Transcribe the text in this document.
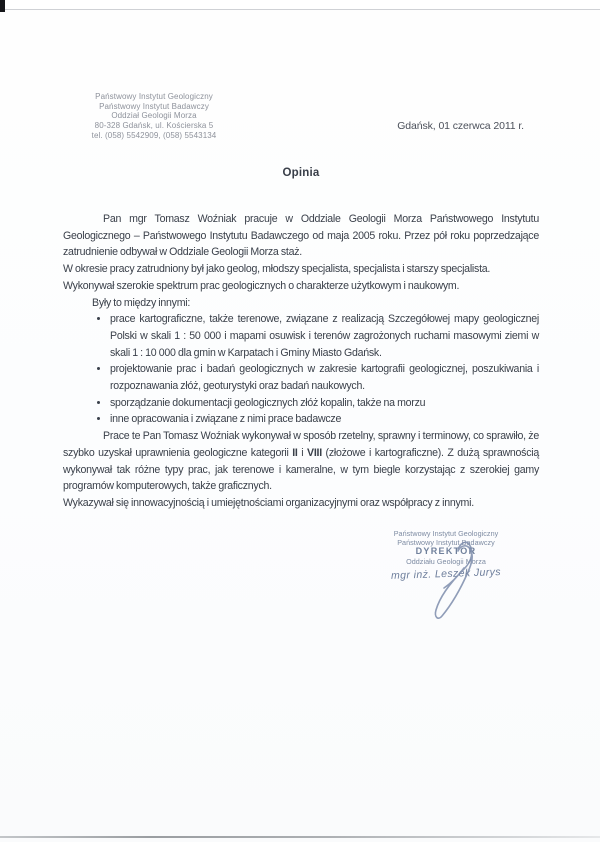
Państwowy Instytut Geologiczny
Państwowy Instytut Badawczy
Oddział Geologii Morza
80-328 Gdańsk, ul. Kościerska 5
tel. (058) 5542909, (058) 5543134
Gdańsk, 01 czerwca 2011 r.
Opinia

Pan mgr Tomasz Woźniak pracuje w Oddziale Geologii Morza Państwowego Instytutu Geologicznego – Państwowego Instytutu Badawczego od maja 2005 roku. Przez pół roku poprzedzające zatrudnienie odbywał w Oddziale Geologii Morza staż.

W okresie pracy zatrudniony był jako geolog, młodszy specjalista, specjalista i starszy specjalista.

Wykonywał szerokie spektrum prac geologicznych o charakterze użytkowym i naukowym.

Były to między innymi:

• prace kartograficzne, także terenowe, związane z realizacją Szczegółowej mapy geologicznej Polski w skali 1 : 50 000 i mapami osuwisk i terenów zagrożonych ruchami masowymi ziemi w skali 1 : 10 000 dla gmin w Karpatach i Gminy Miasto Gdańsk.
• projektowanie prac i badań geologicznych w zakresie kartografii geologicznej, poszukiwania i rozpoznawania złóż, geoturystyki oraz badań naukowych.
• sporządzanie dokumentacji geologicznych złóż kopalin, także na morzu
• inne opracowania i związane z nimi prace badawcze

Prace te Pan Tomasz Woźniak wykonywał w sposób rzetelny, sprawny i terminowy, co sprawiło, że szybko uzyskał uprawnienia geologiczne kategorii II i VIII (złożowe i kartograficzne). Z dużą sprawnością wykonywał tak różne typy prac, jak terenowe i kameralne, w tym biegle korzystając z szerokiej gamy programów komputerowych, także graficznych.

Wykazywał się innowacyjnością i umiejętnościami organizacyjnymi oraz współpracy z innymi.

Państwowy Instytut Geologiczny
Państwowy Instytut Badawczy
DYREKTOR
Oddziału Geologii Morza
mgr inż. Leszek Jurys
